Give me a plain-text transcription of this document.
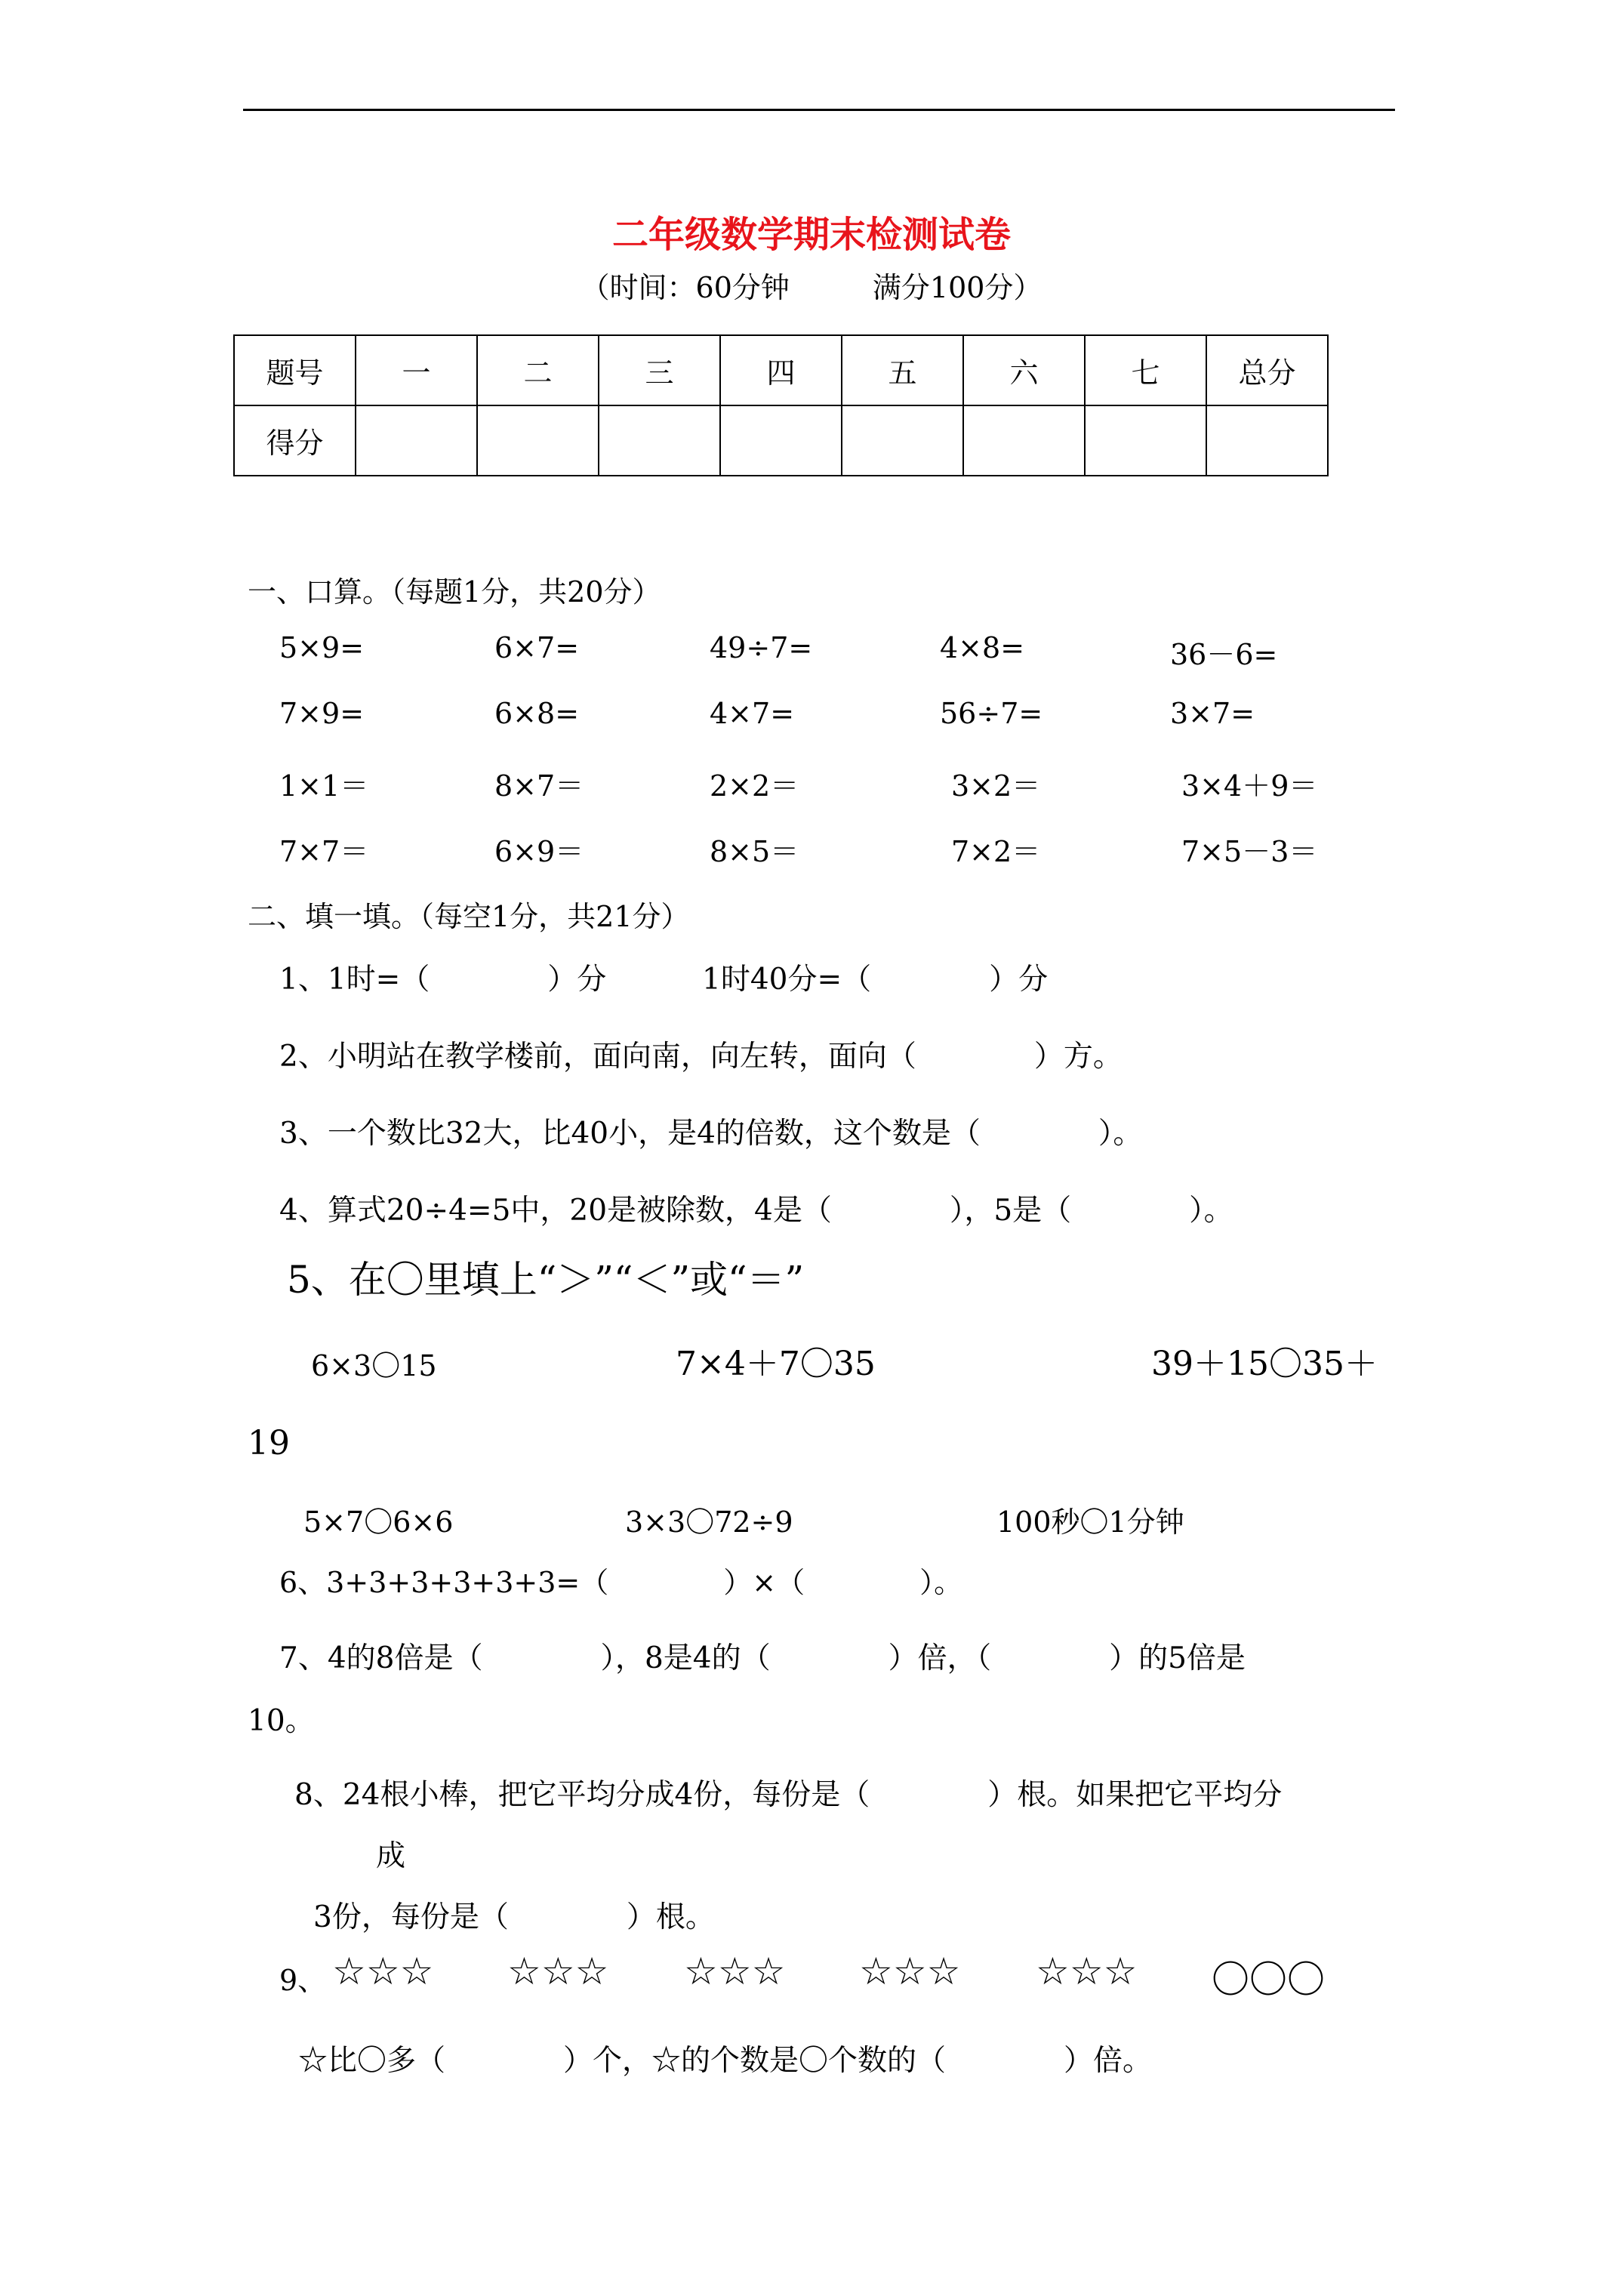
二年级数学期末检测试卷
（时间：60分钟	满分100分）
题号	一	二	三	四	五	六	七	总分
得分								
一、口算。（每题1分，共20分）
5×9=	6×7=	49÷7=	4×8=	36－6=
7×9=	6×8=	4×7=	56÷7=	3×7=
1×1＝	8×7＝	2×2＝	3×2＝	3×4＋9＝
7×7＝	6×9＝	8×5＝	7×2＝	7×5－3＝
二、填一填。（每空1分，共21分）
1、1时=（　　　　）分	1时40分=（　　　　）分
2、小明站在教学楼前，面向南，向左转，面向（　　　　）方。
3、一个数比32大，比40小，是4的倍数，这个数是（　　　　）。
4、算式20÷4=5中，20是被除数，4是（　　　　），5是（　　　　）。
5、在〇里填上“＞”“＜”或“＝”
6×3〇15	7×4＋7〇35	39＋15〇35＋
19
5×7〇6×6	3×3〇72÷9	100秒〇1分钟
6、3+3+3+3+3+3=（　　　　）×（　　　　）。
7、4的8倍是（　　　　），8是4的（　　　　）倍，（　　　　）的5倍是
10。
8、24根小棒，把它平均分成4份，每份是（　　　　）根。如果把它平均分
成
3份，每份是（　　　　）根。
9、 ☆☆☆ ☆☆☆ ☆☆☆ ☆☆☆ ☆☆☆ 〇〇〇
☆比〇多（　　　　）个，☆的个数是〇个数的（　　　　）倍。
